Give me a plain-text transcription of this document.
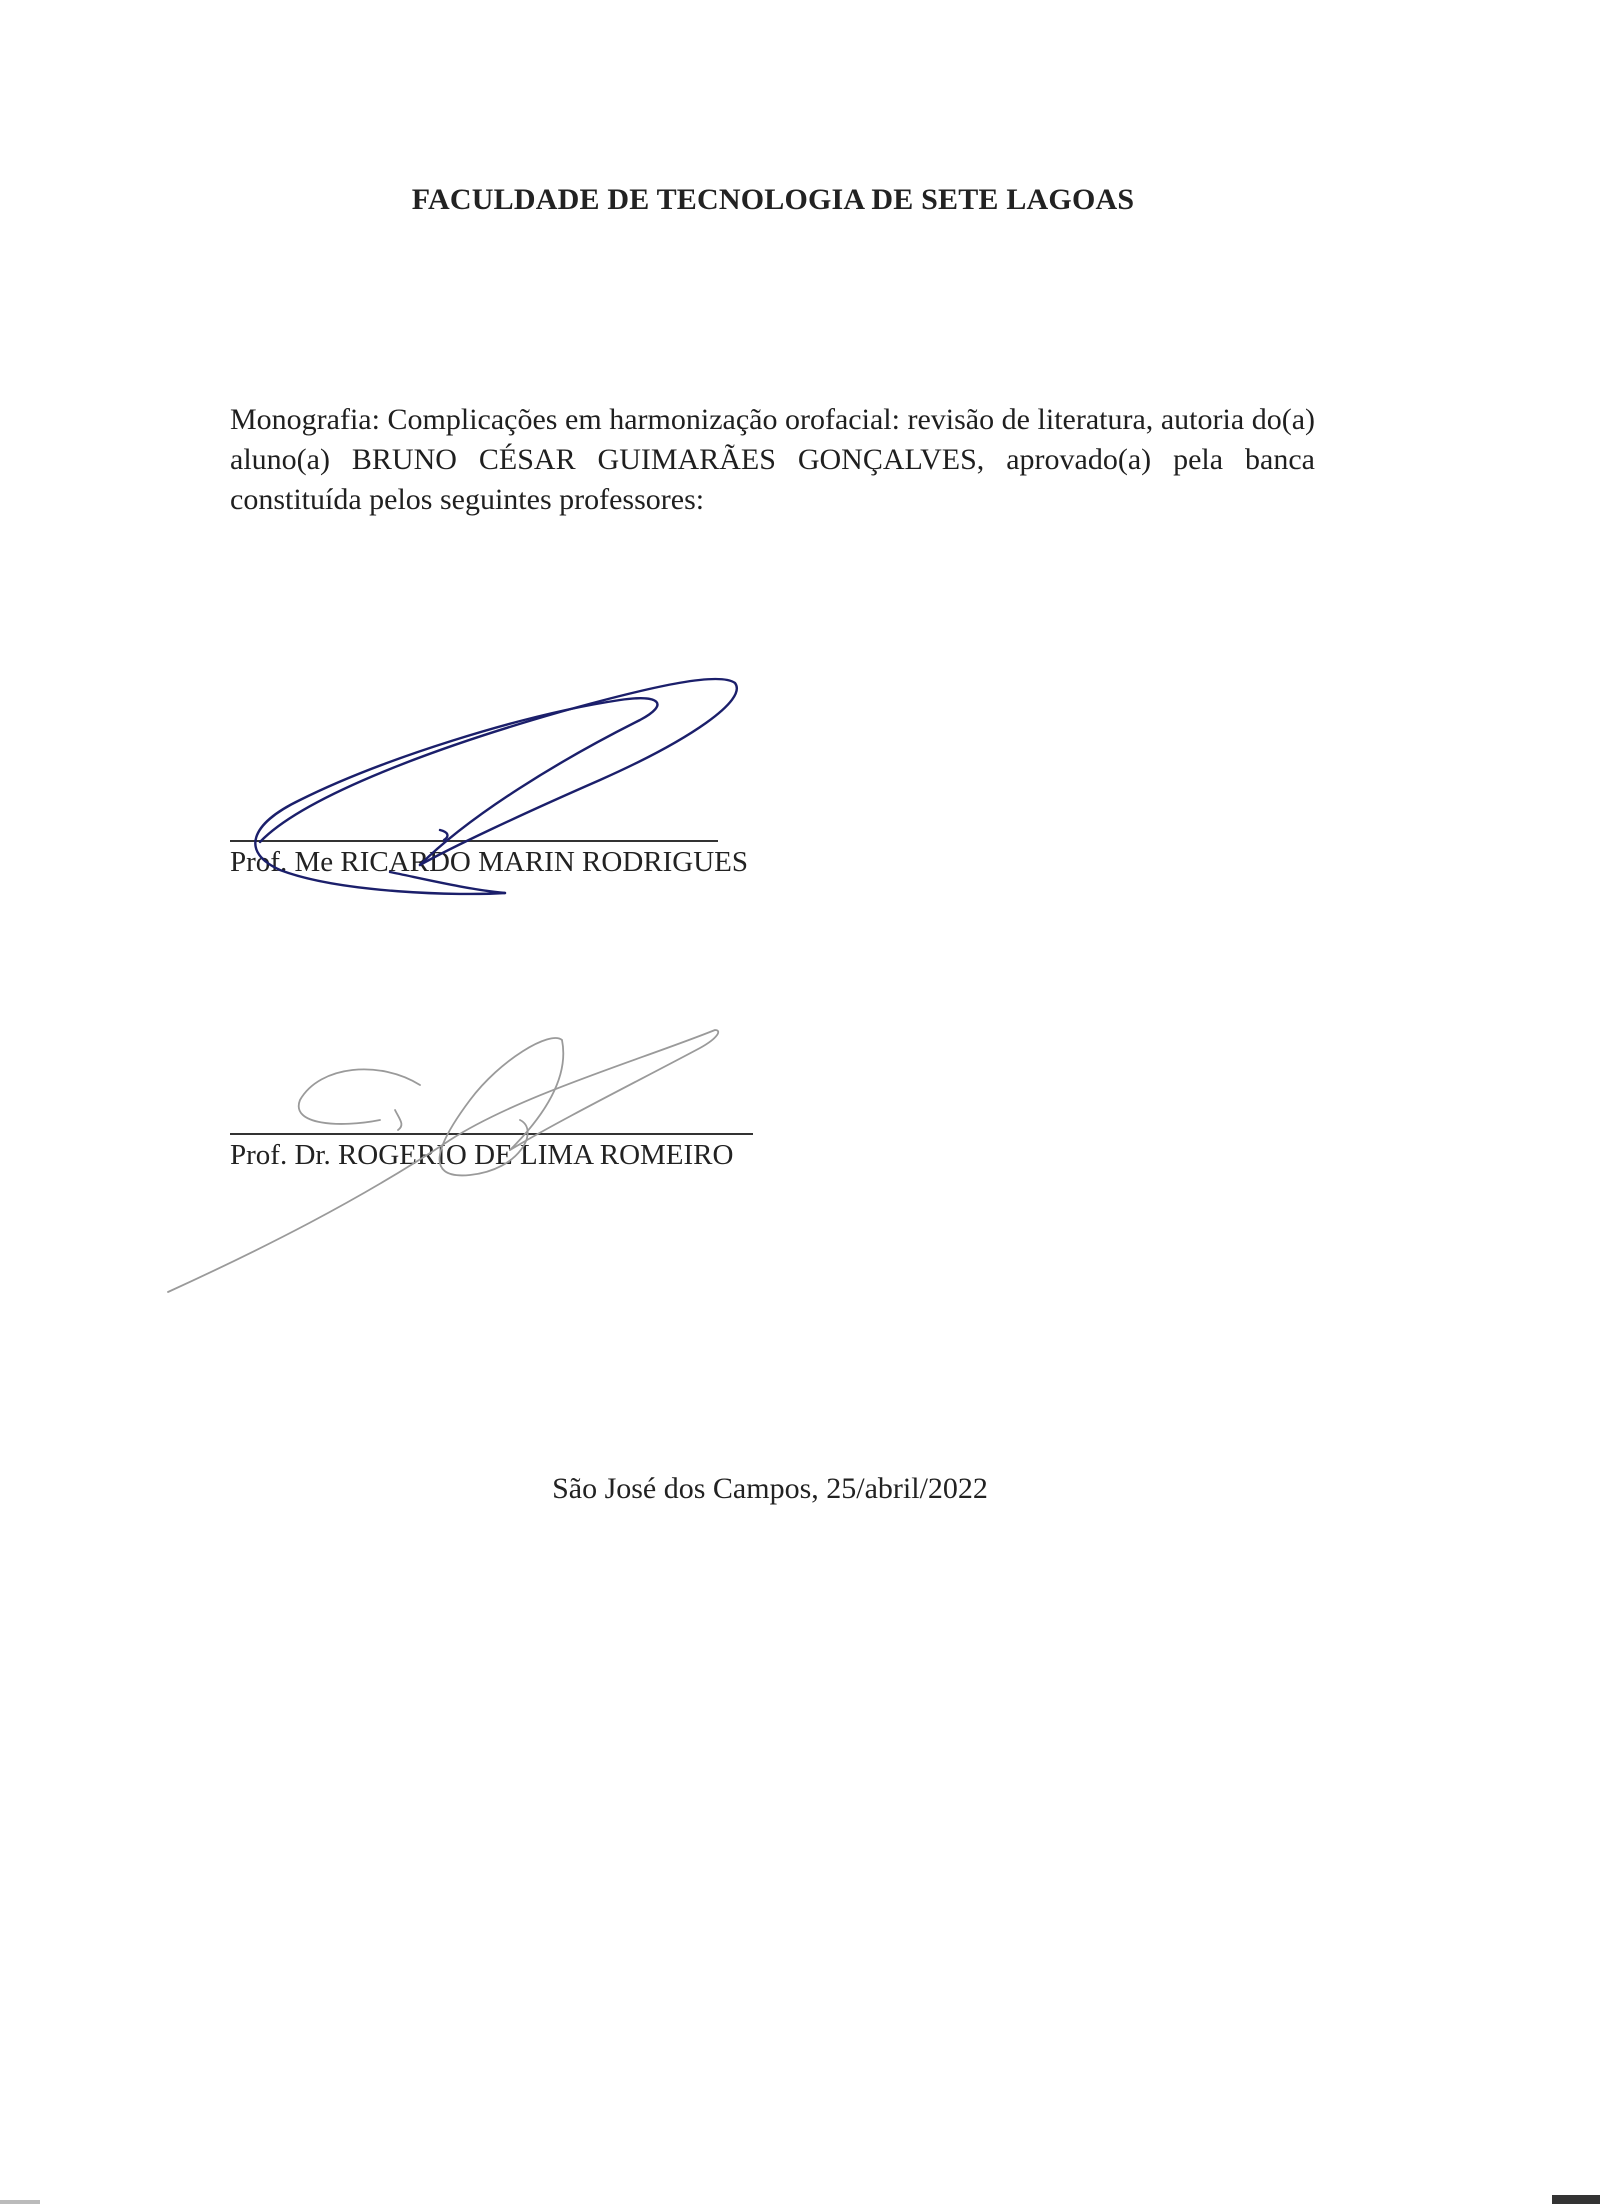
FACULDADE DE TECNOLOGIA DE SETE LAGOAS
Monografia: Complicações em harmonização orofacial: revisão de literatura, autoria do(a) aluno(a) BRUNO CÉSAR GUIMARÃES GONÇALVES, aprovado(a) pela banca constituída pelos seguintes professores:
Prof. Me RICARDO MARIN RODRIGUES
Prof. Dr. ROGERIO DE LIMA ROMEIRO
São José dos Campos, 25/abril/2022
